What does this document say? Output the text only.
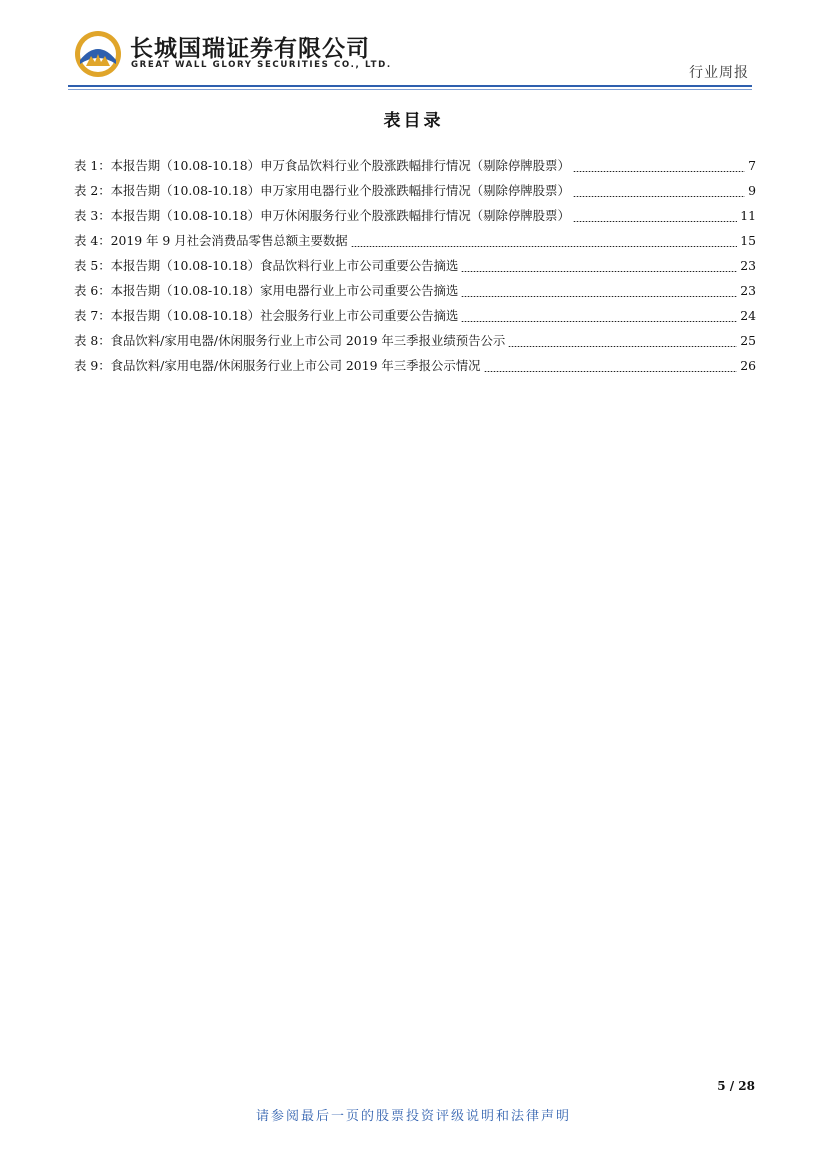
长城国瑞证券有限公司
GREAT WALL GLORY SECURITIES CO., LTD.	行业周报
表目录
表 1：本报告期（10.08-10.18）申万食品饮料行业个股涨跌幅排行情况（剔除停牌股票）	7
表 2：本报告期（10.08-10.18）申万家用电器行业个股涨跌幅排行情况（剔除停牌股票）	9
表 3：本报告期（10.08-10.18）申万休闲服务行业个股涨跌幅排行情况（剔除停牌股票）	11
表 4：2019 年 9 月社会消费品零售总额主要数据	15
表 5：本报告期（10.08-10.18）食品饮料行业上市公司重要公告摘选	23
表 6：本报告期（10.08-10.18）家用电器行业上市公司重要公告摘选	23
表 7：本报告期（10.08-10.18）社会服务行业上市公司重要公告摘选	24
表 8：食品饮料/家用电器/休闲服务行业上市公司 2019 年三季报业绩预告公示	25
表 9：食品饮料/家用电器/休闲服务行业上市公司 2019 年三季报公示情况	26
5 / 28
请参阅最后一页的股票投资评级说明和法律声明
